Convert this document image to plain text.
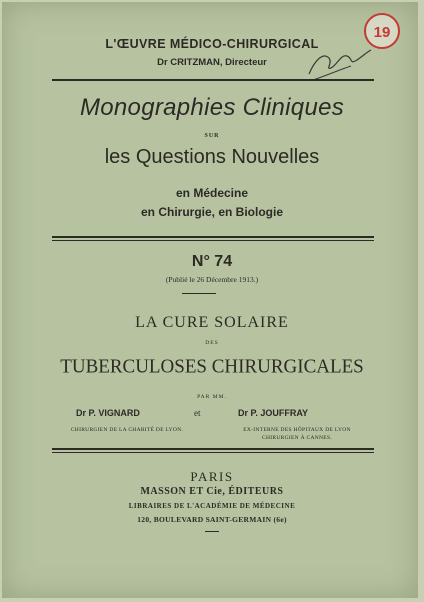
19
L'ŒUVRE MÉDICO-CHIRURGICAL
Dr CRITZMAN, Directeur
Monographies Cliniques
SUR
les Questions Nouvelles
en Médecine
en Chirurgie, en Biologie
N° 74
(Publié le 26 Décembre 1913.)
LA CURE SOLAIRE
DES
TUBERCULOSES CHIRURGICALES
PAR MM.
Dr P. VIGNARD	et	Dr P. JOUFFRAY
CHIRURGIEN DE LA CHARITÉ DE LYON.	EX-INTERNE DES HÔPITAUX DE LYON
CHIRURGIEN À CANNES.
PARIS
MASSON ET Cie, ÉDITEURS
LIBRAIRES DE L'ACADÉMIE DE MÉDECINE
120, BOULEVARD SAINT-GERMAIN (6e)
